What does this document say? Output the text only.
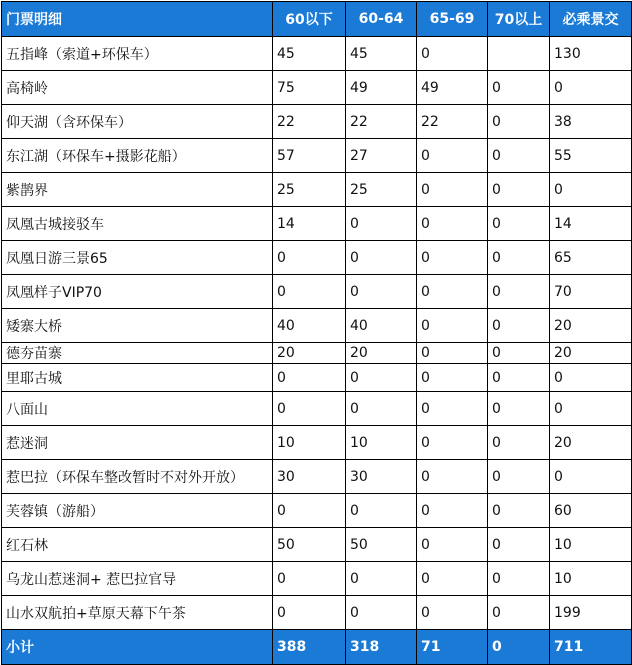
门票明细	60以下	60-64	65-69	70以上	必乘景交
五指峰（索道+环保车）	45	45	0		130
高椅岭	75	49	49	0	0
仰天湖（含环保车）	22	22	22	0	38
东江湖（环保车+摄影花船）	57	27	0	0	55
紫鹊界	25	25	0	0	0
凤凰古城接驳车	14	0	0	0	14
凤凰日游三景65	0	0	0	0	65
凤凰样子VIP70	0	0	0	0	70
矮寨大桥	40	40	0	0	20
德夯苗寨	20	20	0	0	20
里耶古城	0	0	0	0	0
八面山	0	0	0	0	0
惹迷洞	10	10	0	0	20
惹巴拉（环保车整改暂时不对外开放）	30	30	0	0	0
芙蓉镇（游船）	0	0	0	0	60
红石林	50	50	0	0	10
乌龙山惹迷洞+ 惹巴拉官导	0	0	0	0	10
山水双航拍+草原天幕下午茶	0	0	0	0	199
小计	388	318	71	0	711
